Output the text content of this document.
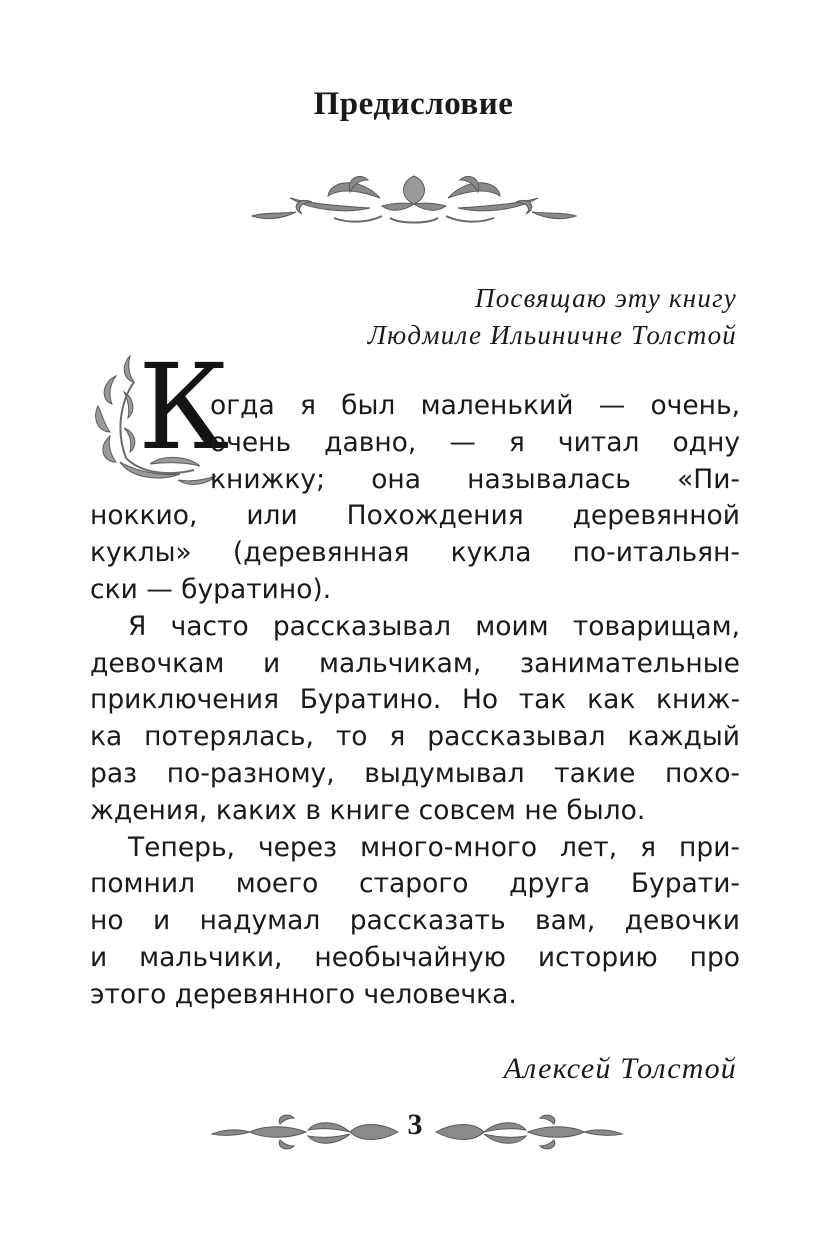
Предисловие
Посвящаю эту книгу
Людмиле Ильиничне Толстой
К
огда я был маленький — очень,
очень давно, — я читал одну
книжку; она называлась «Пи-
ноккио, или Похождения деревянной
куклы» (деревянная кукла по-итальян-
ски — буратино).
Я часто рассказывал моим товарищам,
девочкам и мальчикам, занимательные
приключения Буратино. Но так как книж-
ка потерялась, то я рассказывал каждый
раз по-разному, выдумывал такие похо-
ждения, каких в книге совсем не было.
Теперь, через много-много лет, я при-
помнил моего старого друга Бурати-
но и надумал рассказать вам, девочки
и мальчики, необычайную историю про
этого деревянного человечка.
Алексей Толстой
3
